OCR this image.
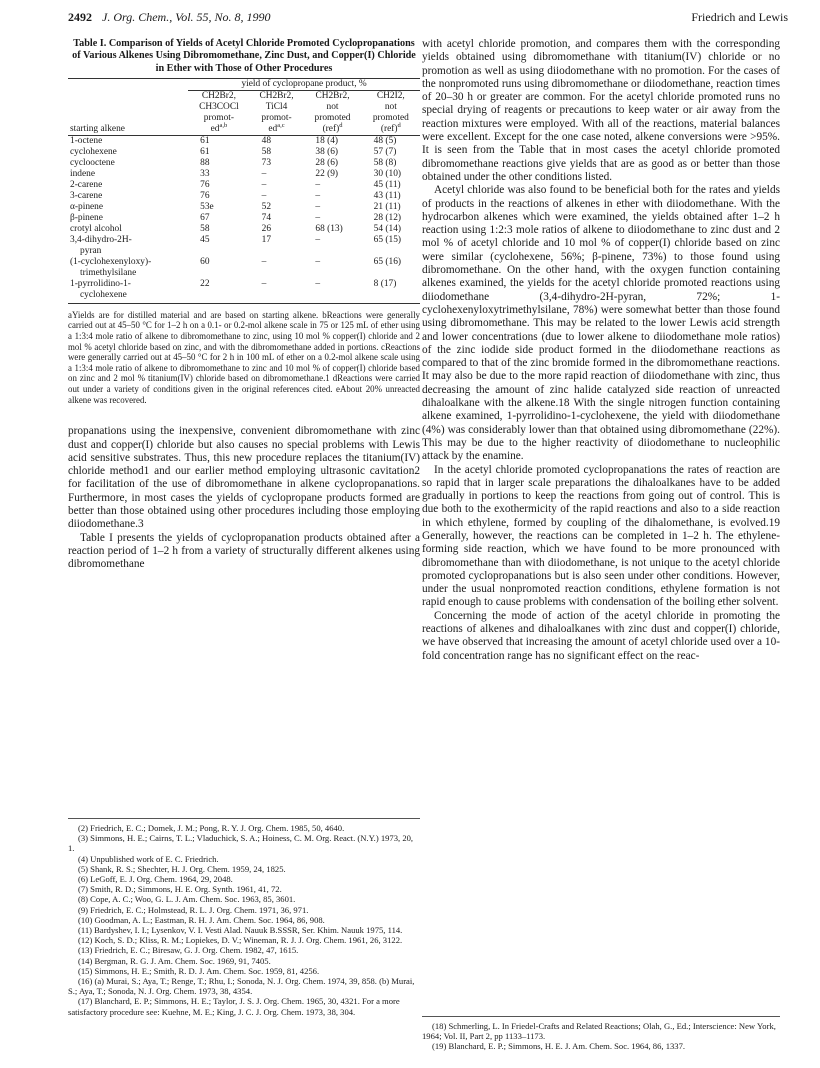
2492 J. Org. Chem., Vol. 55, No. 8, 1990	Friedrich and Lewis
Table I. Comparison of Yields of Acetyl Chloride Promoted Cyclopropanations of Various Alkenes Using Dibromomethane, Zinc Dust, and Copper(I) Chloride in Ether with Those of Other Procedures
	yield of cyclopropane product, %			
starting alkene	CH2Br2,
CH3COCl
promot-
ed$^{a,b}$	CH2Br2,
TiCl4
promot-
ed$^{a,c}$	CH2Br2,
not
promoted
(ref)$^d$	CH2I2,
not
promoted
(ref)$^d$
1-octene	61	48	18 (4)	48 (5)
cyclohexene	61	58	38 (6)	57 (7)
cyclooctene	88	73	28 (6)	58 (8)
indene	33	–	22 (9)	30 (10)
2-carene	76	–	–	45 (11)
3-carene	76	–	–	43 (11)
α-pinene	53e	52	–	21 (11)
β-pinene	67	74	–	28 (12)
crotyl alcohol	58	26	68 (13)	54 (14)
3,4-dihydro-2H-	45	17	–	65 (15)
pyran				
(1-cyclohexenyloxy)-	60	–	–	65 (16)
trimethylsilane				
1-pyrrolidino-1-	22	–	–	8 (17)
cyclohexene				
aYields are for distilled material and are based on starting alkene. bReactions were generally carried out at 45–50 °C for 1–2 h on a 0.1- or 0.2-mol alkene scale in 75 or 125 mL of ether using a 1:3:4 mole ratio of alkene to dibromomethane to zinc, using 10 mol % copper(I) chloride and 2 mol % acetyl chloride based on zinc, and with the dibromomethane added in portions. cReactions were generally carried out at 45–50 °C for 2 h in 100 mL of ether on a 0.2-mol alkene scale using a 1:3:4 mole ratio of alkene to dibromomethane to zinc and 10 mol % of copper(I) chloride based on zinc and 2 mol % titanium(IV) chloride based on dibromomethane.1 dReactions were carried out under a variety of conditions given in the original references cited. eAbout 20% unreacted alkene was recovered.

propanations using the inexpensive, convenient dibromomethane with zinc dust and copper(I) chloride but also causes no special problems with Lewis acid sensitive substrates. Thus, this new procedure replaces the titanium(IV) chloride method1 and our earlier method employing ultrasonic cavitation2 for facilitation of the use of dibromomethane in alkene cyclopropanations. Furthermore, in most cases the yields of cyclopropane products formed are better than those obtained using other procedures including those employing diiodomethane.3

Table I presents the yields of cyclopropanation products obtained after a reaction period of 1–2 h from a variety of structurally different alkenes using dibromomethane

(2) Friedrich, E. C.; Domek, J. M.; Pong, R. Y. J. Org. Chem. 1985, 50, 4640.

(3) Simmons, H. E.; Cairns, T. L.; Vladuchick, S. A.; Hoiness, C. M. Org. React. (N.Y.) 1973, 20, 1.

(4) Unpublished work of E. C. Friedrich.

(5) Shank, R. S.; Shechter, H. J. Org. Chem. 1959, 24, 1825.

(6) LeGoff, E. J. Org. Chem. 1964, 29, 2048.

(7) Smith, R. D.; Simmons, H. E. Org. Synth. 1961, 41, 72.

(8) Cope, A. C.; Woo, G. L. J. Am. Chem. Soc. 1963, 85, 3601.

(9) Friedrich, E. C.; Holmstead, R. L. J. Org. Chem. 1971, 36, 971.

(10) Goodman, A. L.; Eastman, R. H. J. Am. Chem. Soc. 1964, 86, 908.

(11) Bardyshev, I. I.; Lysenkov, V. I. Vesti Alad. Nauuk B.SSSR, Ser. Khim. Nauuk 1975, 114.

(12) Koch, S. D.; Kliss, R. M.; Lopiekes, D. V.; Wineman, R. J. J. Org. Chem. 1961, 26, 3122.

(13) Friedrich, E. C.; Biresaw, G. J. Org. Chem. 1982, 47, 1615.

(14) Bergman, R. G. J. Am. Chem. Soc. 1969, 91, 7405.

(15) Simmons, H. E.; Smith, R. D. J. Am. Chem. Soc. 1959, 81, 4256.

(16) (a) Murai, S.; Aya, T.; Renge, T.; Rhu, I.; Sonoda, N. J. Org. Chem. 1974, 39, 858. (b) Murai, S.; Aya, T.; Sonoda, N. J. Org. Chem. 1973, 38, 4354.

(17) Blanchard, E. P.; Simmons, H. E.; Taylor, J. S. J. Org. Chem. 1965, 30, 4321. For a more satisfactory procedure see: Kuehne, M. E.; King, J. C. J. Org. Chem. 1973, 38, 304.

with acetyl chloride promotion, and compares them with the corresponding yields obtained using dibromomethane with titanium(IV) chloride or no promotion as well as using diiodomethane with no promotion. For the cases of the nonpromoted runs using dibromomethane or diiodomethane, reaction times of 20–30 h or greater are common. For the acetyl chloride promoted runs no special drying of reagents or precautions to keep water or air away from the reaction mixtures were employed. With all of the reactions, material balances were excellent. Except for the one case noted, alkene conversions were >95%. It is seen from the Table that in most cases the acetyl chloride promoted dibromomethane reactions give yields that are as good as or better than those obtained under the other conditions listed.

Acetyl chloride was also found to be beneficial both for the rates and yields of products in the reactions of alkenes in ether with diiodomethane. With the hydrocarbon alkenes which were examined, the yields obtained after 1–2 h reaction using 1:2:3 mole ratios of alkene to diiodomethane to zinc dust and 2 mol % of acetyl chloride and 10 mol % of copper(I) chloride based on zinc were similar (cyclohexene, 56%; β-pinene, 73%) to those found using dibromomethane. On the other hand, with the oxygen function containing alkenes examined, the yields for the acetyl chloride promoted reactions using diiodomethane (3,4-dihydro-2H-pyran, 72%; 1-cyclohexenyloxytrimethylsilane, 78%) were somewhat better than those found using dibromomethane. This may be related to the lower Lewis acid strength and lower concentrations (due to lower alkene to diiodomethane mole ratios) of the zinc iodide side product formed in the diiodomethane reactions as compared to that of the zinc bromide formed in the dibromomethane reactions. It may also be due to the more rapid reaction of diiodomethane with zinc, thus decreasing the amount of zinc halide catalyzed side reaction of unreacted dihaloalkane with the alkene.18 With the single nitrogen function containing alkene examined, 1-pyrrolidino-1-cyclohexene, the yield with diiodomethane (4%) was considerably lower than that obtained using dibromomethane (22%). This may be due to the higher reactivity of diiodomethane to nucleophilic attack by the enamine.

In the acetyl chloride promoted cyclopropanations the rates of reaction are so rapid that in larger scale preparations the dihaloalkanes have to be added gradually in portions to keep the reactions from going out of control. This is due both to the exothermicity of the rapid reactions and also to a side reaction in which ethylene, formed by coupling of the dihalomethane, is evolved.19 Generally, however, the reactions can be completed in 1–2 h. The ethylene-forming side reaction, which we have found to be more pronounced with dibromomethane than with diiodomethane, is not unique to the acetyl chloride promoted cyclopropanations but is also seen under other conditions. However, under the usual nonpromoted reaction conditions, ethylene formation is not rapid enough to cause problems with condensation of the boiling ether solvent.

Concerning the mode of action of the acetyl chloride in promoting the reactions of alkenes and dihaloalkanes with zinc dust and copper(I) chloride, we have observed that increasing the amount of acetyl chloride used over a 10-fold concentration range has no significant effect on the reac-

(18) Schmerling, L. In Friedel-Crafts and Related Reactions; Olah, G., Ed.; Interscience: New York, 1964; Vol. II, Part 2, pp 1133–1173.

(19) Blanchard, E. P.; Simmons, H. E. J. Am. Chem. Soc. 1964, 86, 1337.
